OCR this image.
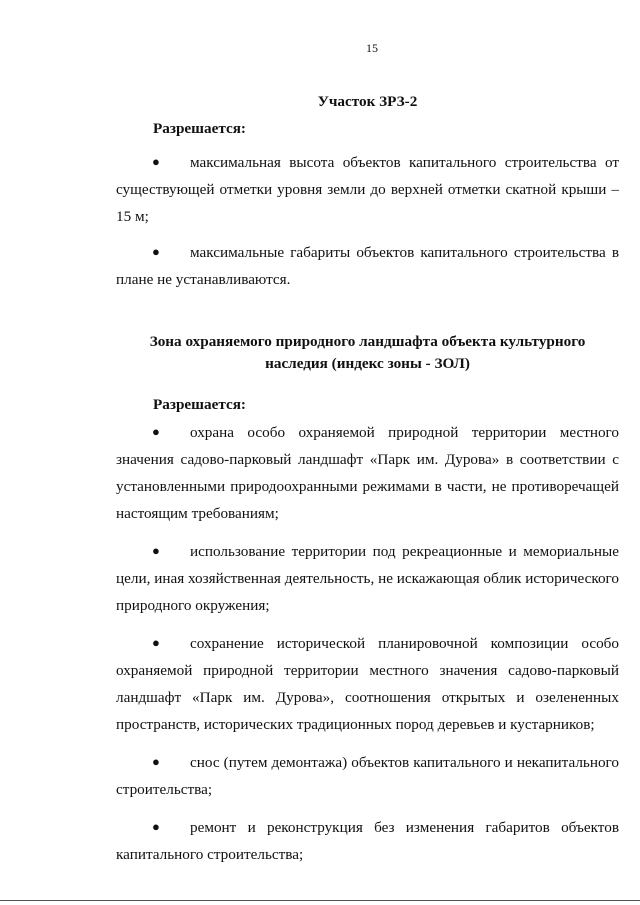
15

Участок ЗРЗ-2

Разрешается:

● максимальная высота объектов капитального строительства от существующей отметки уровня земли до верхней отметки скатной крыши – 15 м;

● максимальные габариты объектов капитального строительства в плане не устанавливаются.

Зона охраняемого природного ландшафта объекта культурного
наследия (индекс зоны - ЗОЛ)

Разрешается:

● охрана особо охраняемой природной территории местного значения садово-парковый ландшафт «Парк им. Дурова» в соответствии с установленными природоохранными режимами в части, не противоречащей настоящим требованиям;

● использование территории под рекреационные и мемориальные цели, иная хозяйственная деятельность, не искажающая облик исторического природного окружения;

● сохранение исторической планировочной композиции особо охраняемой природной территории местного значения садово-парковый ландшафт «Парк им. Дурова», соотношения открытых и озелененных пространств, исторических традиционных пород деревьев и кустарников;

● снос (путем демонтажа) объектов капитального и некапитального строительства;

● ремонт и реконструкция без изменения габаритов объектов капитального строительства;
